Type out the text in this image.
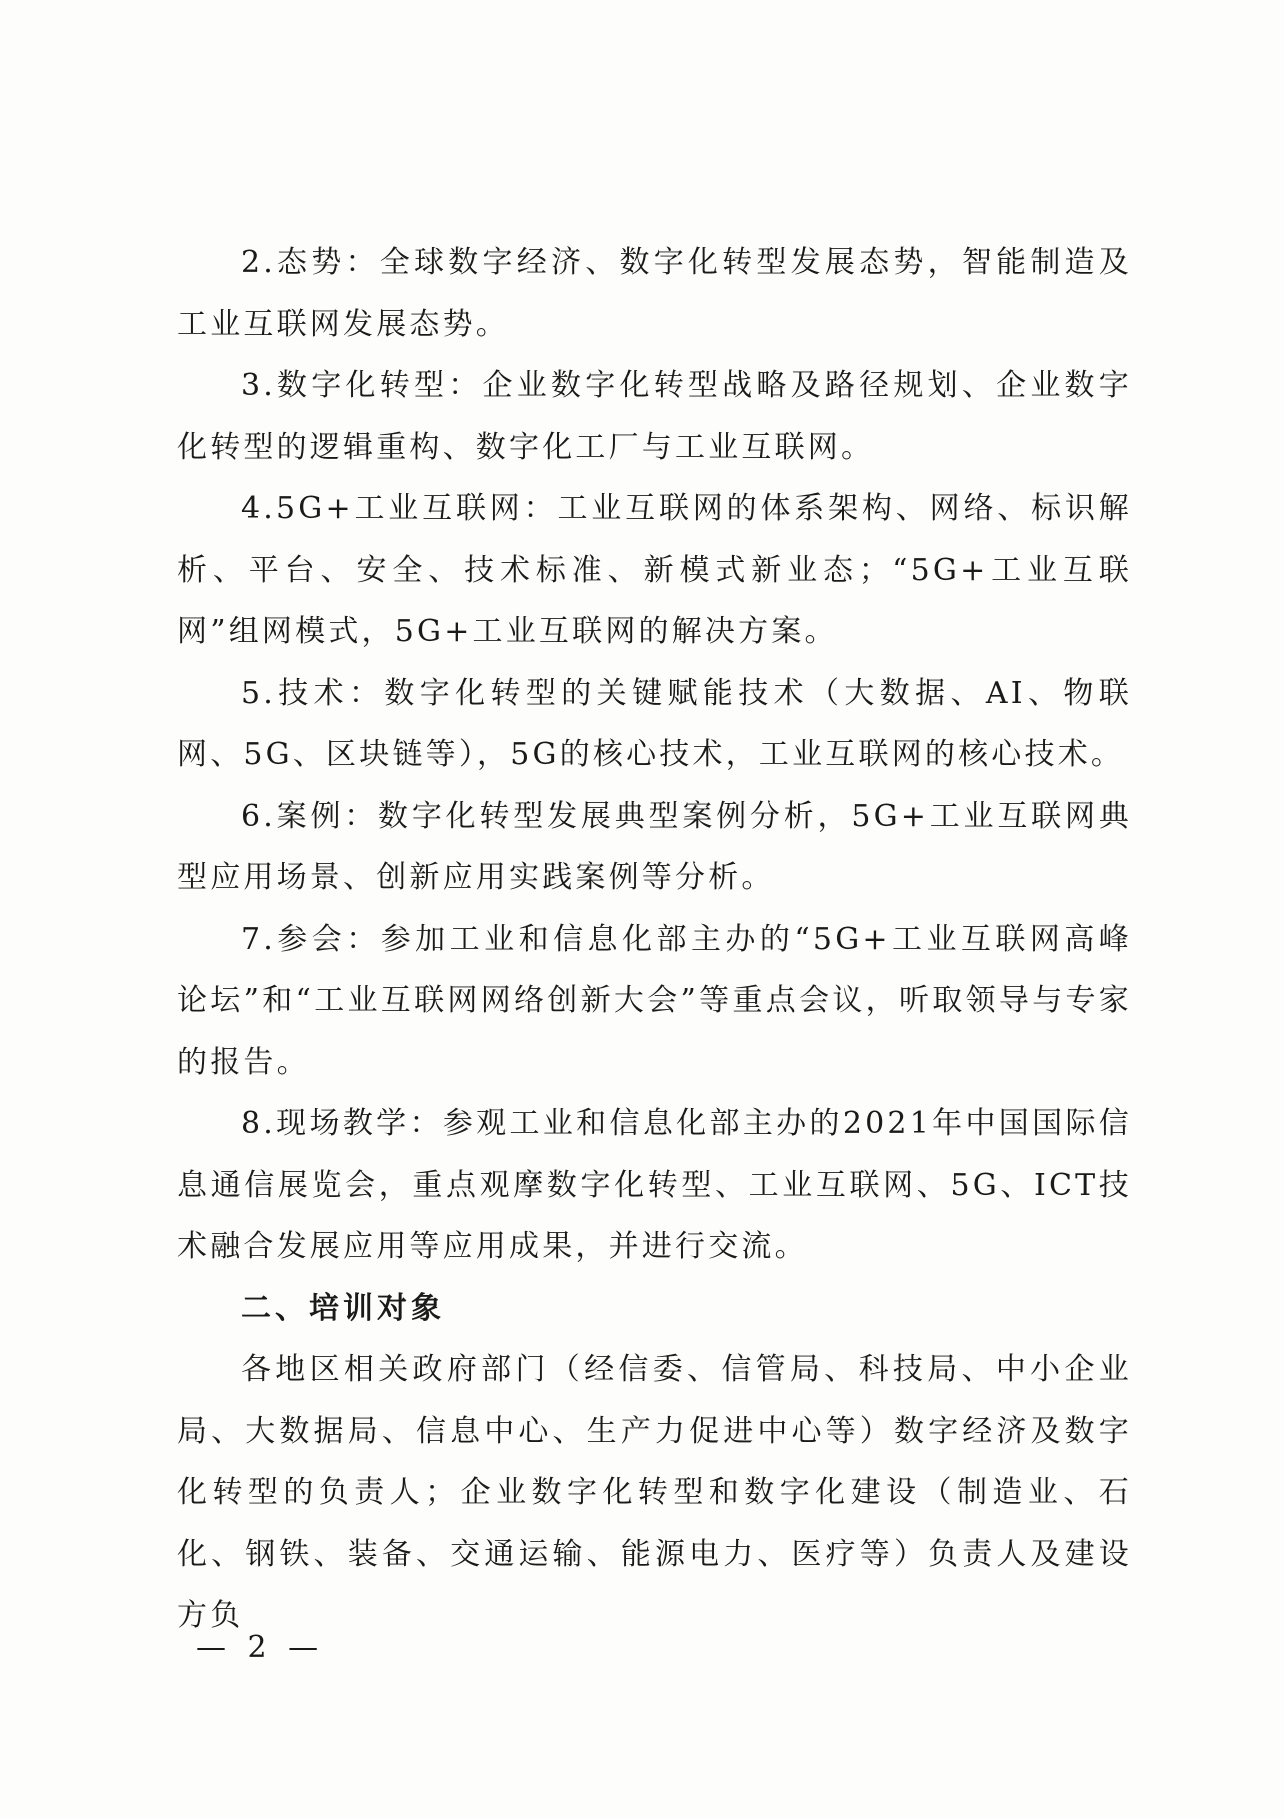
2.态势：全球数字经济、数字化转型发展态势，智能制造及工业互联网发展态势。

3.数字化转型：企业数字化转型战略及路径规划、企业数字化转型的逻辑重构、数字化工厂与工业互联网。

4.5G+工业互联网：工业互联网的体系架构、网络、标识解析、平台、安全、技术标准、新模式新业态；“5G+工业互联网”组网模式，5G+工业互联网的解决方案。

5.技术：数字化转型的关键赋能技术（大数据、AI、物联网、5G、区块链等），5G的核心技术，工业互联网的核心技术。

6.案例：数字化转型发展典型案例分析，5G+工业互联网典型应用场景、创新应用实践案例等分析。

7.参会：参加工业和信息化部主办的“5G+工业互联网高峰论坛”和“工业互联网网络创新大会”等重点会议，听取领导与专家的报告。

8.现场教学：参观工业和信息化部主办的2021年中国国际信息通信展览会，重点观摩数字化转型、工业互联网、5G、ICT技术融合发展应用等应用成果，并进行交流。

二、培训对象

各地区相关政府部门（经信委、信管局、科技局、中小企业局、大数据局、信息中心、生产力促进中心等）数字经济及数字化转型的负责人；企业数字化转型和数字化建设（制造业、石化、钢铁、装备、交通运输、能源电力、医疗等）负责人及建设方负

— 2 —
